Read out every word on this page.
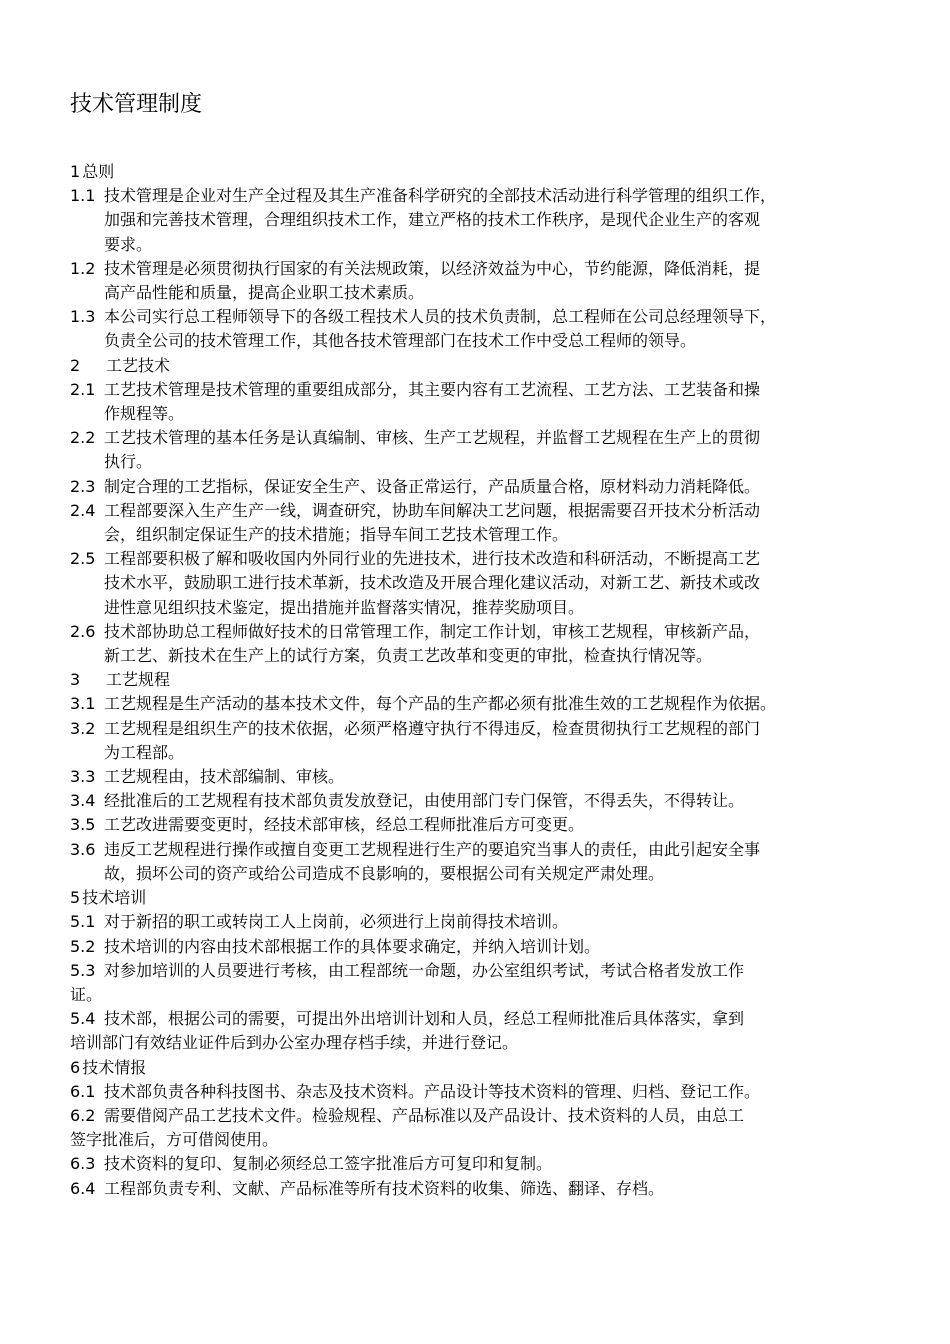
技术管理制度
1 总则
1.1 技术管理是企业对生产全过程及其生产准备科学研究的全部技术活动进行科学管理的组织工作，
加强和完善技术管理，合理组织技术工作，建立严格的技术工作秩序，是现代企业生产的客观
要求。
1.2 技术管理是必须贯彻执行国家的有关法规政策，以经济效益为中心，节约能源，降低消耗，提
高产品性能和质量，提高企业职工技术素质。
1.3 本公司实行总工程师领导下的各级工程技术人员的技术负责制，总工程师在公司总经理领导下，
负责全公司的技术管理工作，其他各技术管理部门在技术工作中受总工程师的领导。
2 工艺技术
2.1 工艺技术管理是技术管理的重要组成部分，其主要内容有工艺流程、工艺方法、工艺装备和操
作规程等。
2.2 工艺技术管理的基本任务是认真编制、审核、生产工艺规程，并监督工艺规程在生产上的贯彻
执行。
2.3 制定合理的工艺指标，保证安全生产、设备正常运行，产品质量合格，原材料动力消耗降低。
2.4 工程部要深入生产生产一线，调查研究，协助车间解决工艺问题，根据需要召开技术分析活动
会，组织制定保证生产的技术措施；指导车间工艺技术管理工作。
2.5 工程部要积极了解和吸收国内外同行业的先进技术，进行技术改造和科研活动，不断提高工艺
技术水平，鼓励职工进行技术革新，技术改造及开展合理化建议活动，对新工艺、新技术或改
进性意见组织技术鉴定，提出措施并监督落实情况，推荐奖励项目。
2.6 技术部协助总工程师做好技术的日常管理工作，制定工作计划，审核工艺规程，审核新产品，
新工艺、新技术在生产上的试行方案，负责工艺改革和变更的审批，检查执行情况等。
3 工艺规程
3.1 工艺规程是生产活动的基本技术文件，每个产品的生产都必须有批准生效的工艺规程作为依据。
3.2 工艺规程是组织生产的技术依据，必须严格遵守执行不得违反，检查贯彻执行工艺规程的部门
为工程部。
3.3 工艺规程由，技术部编制、审核。
3.4 经批准后的工艺规程有技术部负责发放登记，由使用部门专门保管，不得丢失，不得转让。
3.5 工艺改进需要变更时，经技术部审核，经总工程师批准后方可变更。
3.6 违反工艺规程进行操作或擅自变更工艺规程进行生产的要追究当事人的责任，由此引起安全事
故，损坏公司的资产或给公司造成不良影响的，要根据公司有关规定严肃处理。
5 技术培训
5.1 对于新招的职工或转岗工人上岗前，必须进行上岗前得技术培训。
5.2 技术培训的内容由技术部根据工作的具体要求确定，并纳入培训计划。
5.3 对参加培训的人员要进行考核，由工程部统一命题，办公室组织考试，考试合格者发放工作
证。
5.4 技术部，根据公司的需要，可提出外出培训计划和人员，经总工程师批准后具体落实，拿到
培训部门有效结业证件后到办公室办理存档手续，并进行登记。
6 技术情报
6.1 技术部负责各种科技图书、杂志及技术资料。产品设计等技术资料的管理、归档、登记工作。
6.2 需要借阅产品工艺技术文件。检验规程、产品标准以及产品设计、技术资料的人员，由总工
签字批准后，方可借阅使用。
6.3 技术资料的复印、复制必须经总工签字批准后方可复印和复制。
6.4 工程部负责专利、文献、产品标准等所有技术资料的收集、筛选、翻译、存档。
